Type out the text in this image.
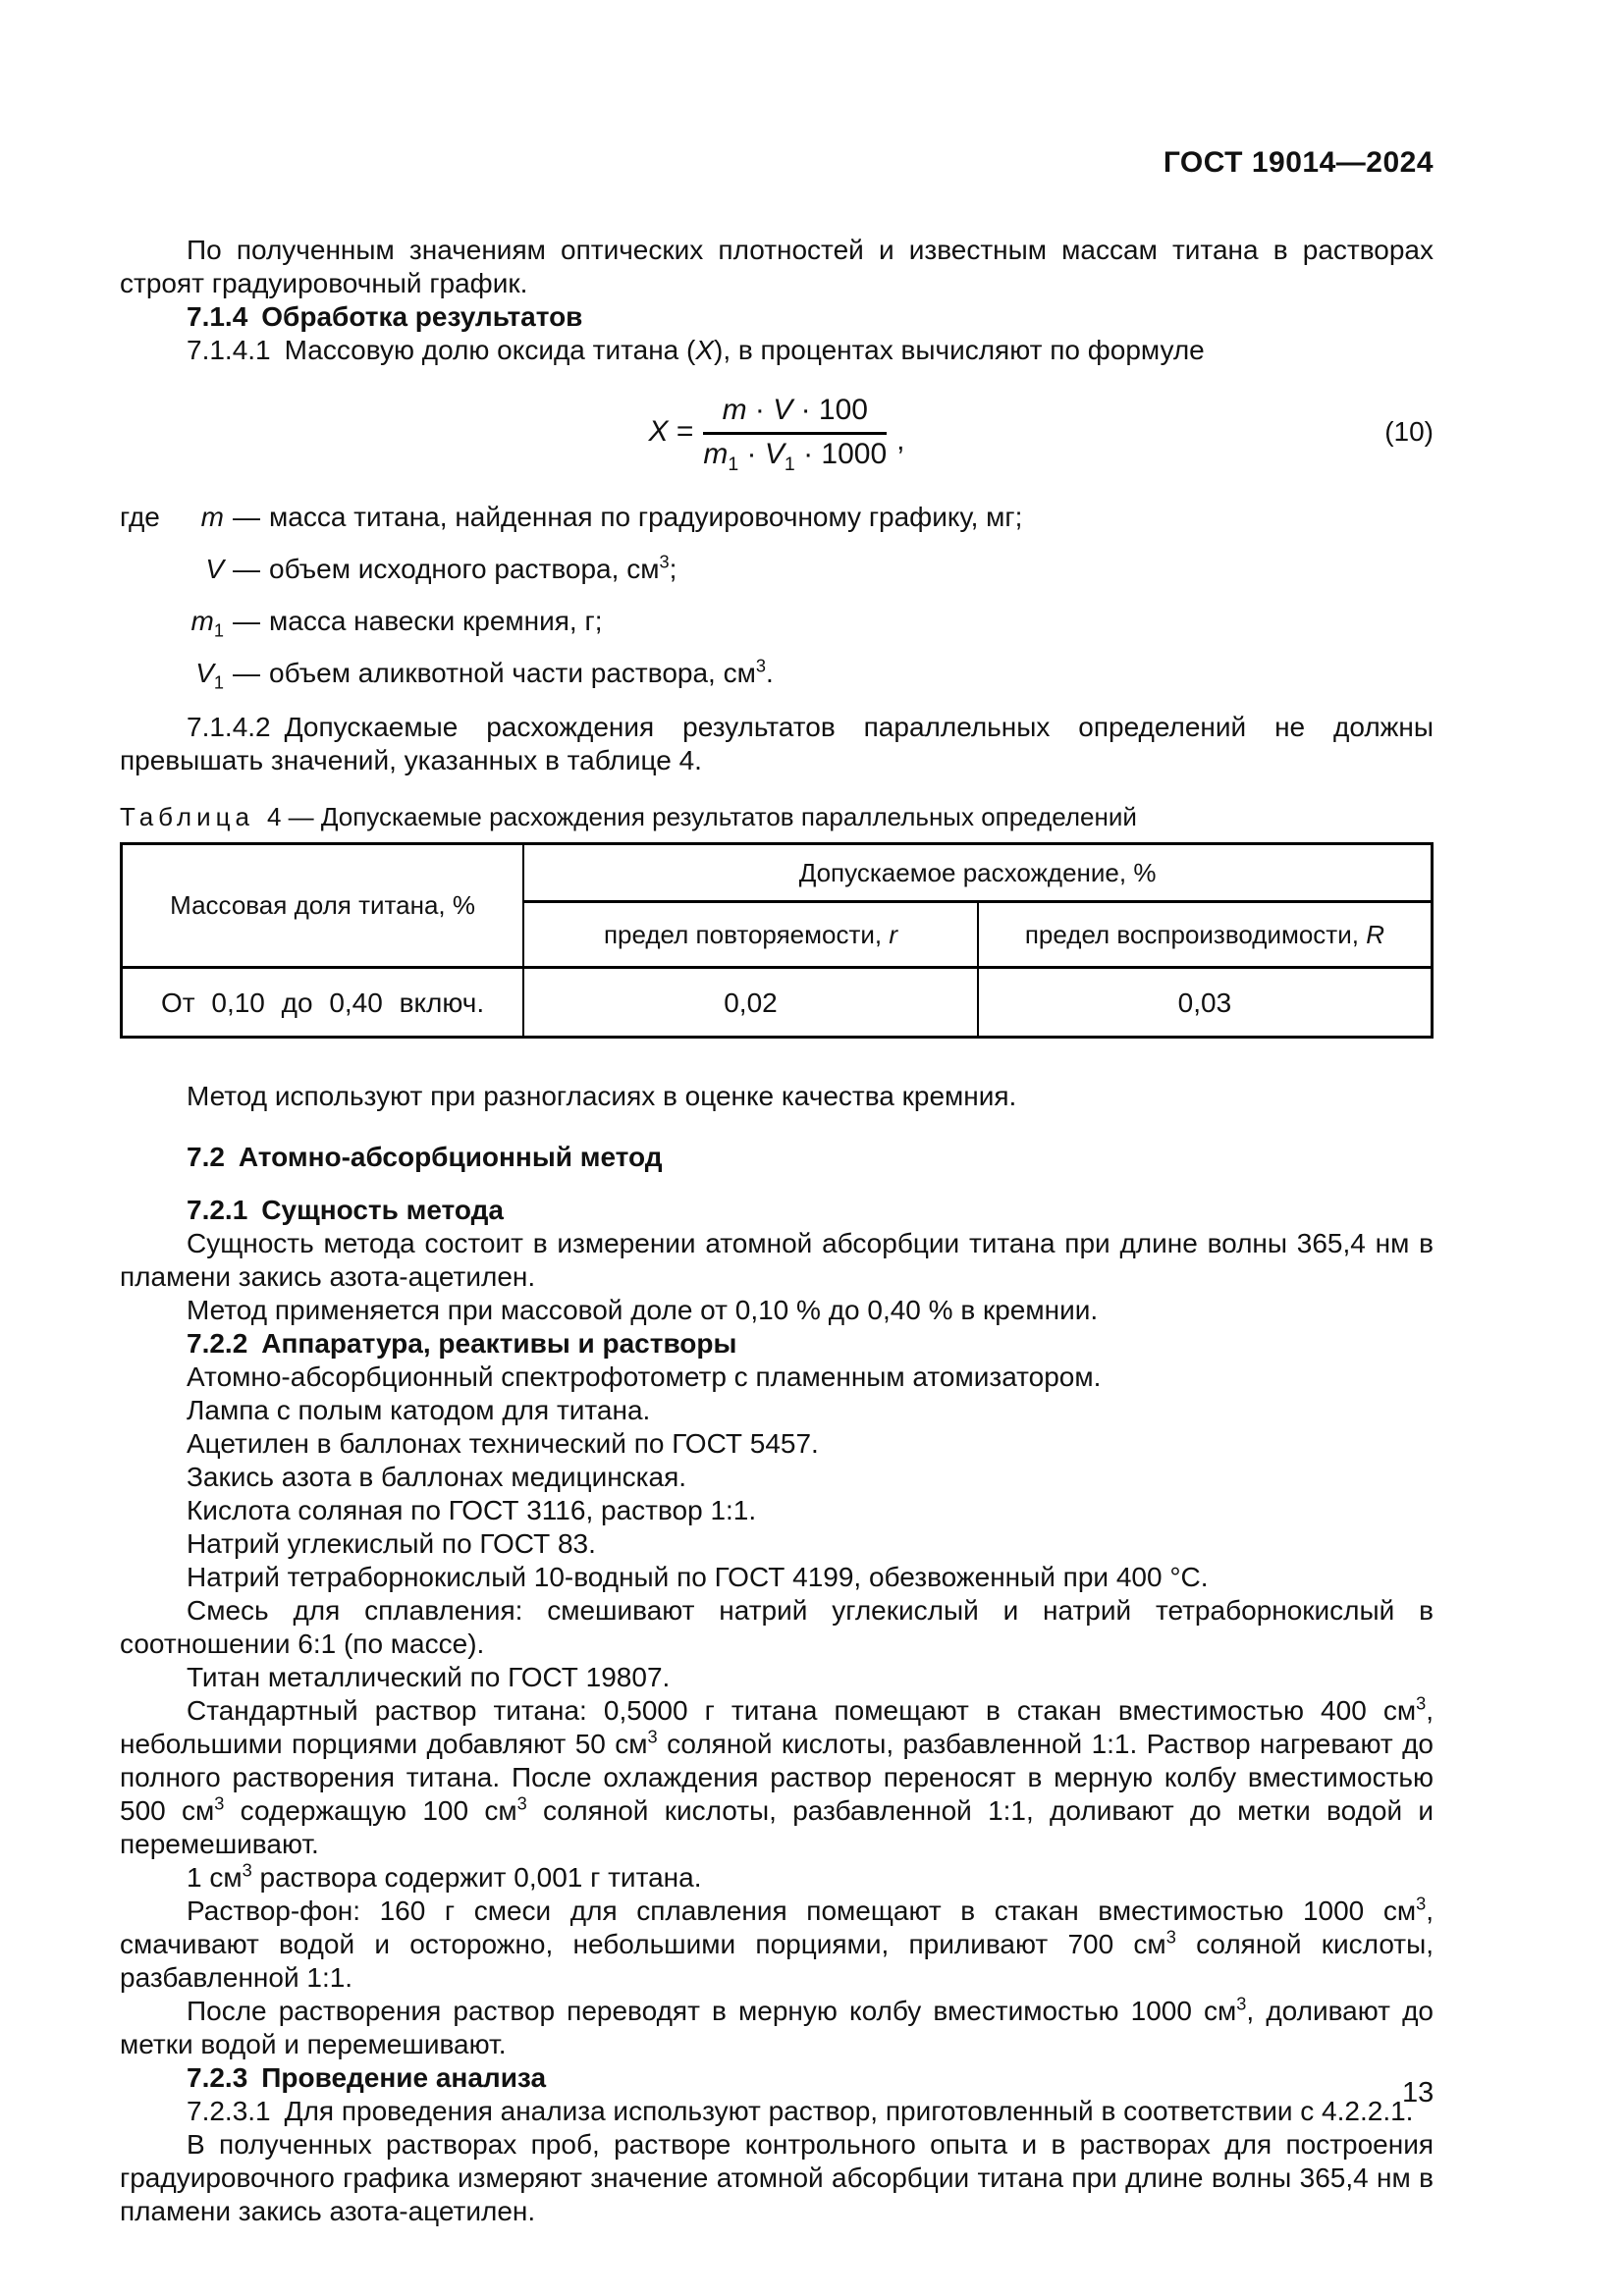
ГОСТ 19014—2024

По полученным значениям оптических плотностей и известным массам титана в растворах строят градуировочный график.

7.1.4 Обработка результатов

7.1.4.1 Массовую долю оксида титана (X), в процентах вычисляют по формуле

$X = \frac{m \cdot V \cdot 100}{m_1 \cdot V_1 \cdot 1000}$ ,	(10)
где	m — масса титана, найденная по градуировочному графику, мг;
V — объем исходного раствора, $см^3$;
$m_1$ — масса навески кремния, г;
$V_1$ — объем аликвотной части раствора, $см^3$.

7.1.4.2 Допускаемые расхождения результатов параллельных определений не должны превышать значений, указанных в таблице 4.

Таблица 4 — Допускаемые расхождения результатов параллельных определений
Массовая доля титана, %	Допускаемое расхождение, %	
	предел повторяемости, r	предел воспроизводимости, R
От 0,10 до 0,40 включ.	0,02	0,03

Метод используют при разногласиях в оценке качества кремния.

7.2 Атомно-абсорбционный метод

7.2.1 Сущность метода

Сущность метода состоит в измерении атомной абсорбции титана при длине волны 365,4 нм в пламени закись азота-ацетилен.

Метод применяется при массовой доле от 0,10 % до 0,40 % в кремнии.

7.2.2 Аппаратура, реактивы и растворы

Атомно-абсорбционный спектрофотометр с пламенным атомизатором.

Лампа с полым катодом для титана.

Ацетилен в баллонах технический по ГОСТ 5457.

Закись азота в баллонах медицинская.

Кислота соляная по ГОСТ 3116, раствор 1:1.

Натрий углекислый по ГОСТ 83.

Натрий тетраборнокислый 10-водный по ГОСТ 4199, обезвоженный при 400 °С.

Смесь для сплавления: смешивают натрий углекислый и натрий тетраборнокислый в соотношении 6:1 (по массе).

Титан металлический по ГОСТ 19807.

Стандартный раствор титана: 0,5000 г титана помещают в стакан вместимостью 400 $см^3$, небольшими порциями добавляют 50 $см^3$ соляной кислоты, разбавленной 1:1. Раствор нагревают до полного растворения титана. После охлаждения раствор переносят в мерную колбу вместимостью 500 $см^3$ содержащую 100 $см^3$ соляной кислоты, разбавленной 1:1, доливают до метки водой и перемешивают.

1 $см^3$ раствора содержит 0,001 г титана.

Раствор-фон: 160 г смеси для сплавления помещают в стакан вместимостью 1000 $см^3$, смачивают водой и осторожно, небольшими порциями, приливают 700 $см^3$ соляной кислоты, разбавленной 1:1.

После растворения раствор переводят в мерную колбу вместимостью 1000 $см^3$, доливают до метки водой и перемешивают.

7.2.3 Проведение анализа

7.2.3.1 Для проведения анализа используют раствор, приготовленный в соответствии с 4.2.2.1.

В полученных растворах проб, растворе контрольного опыта и в растворах для построения градуировочного графика измеряют значение атомной абсорбции титана при длине волны 365,4 нм в пламени закись азота-ацетилен.

13
